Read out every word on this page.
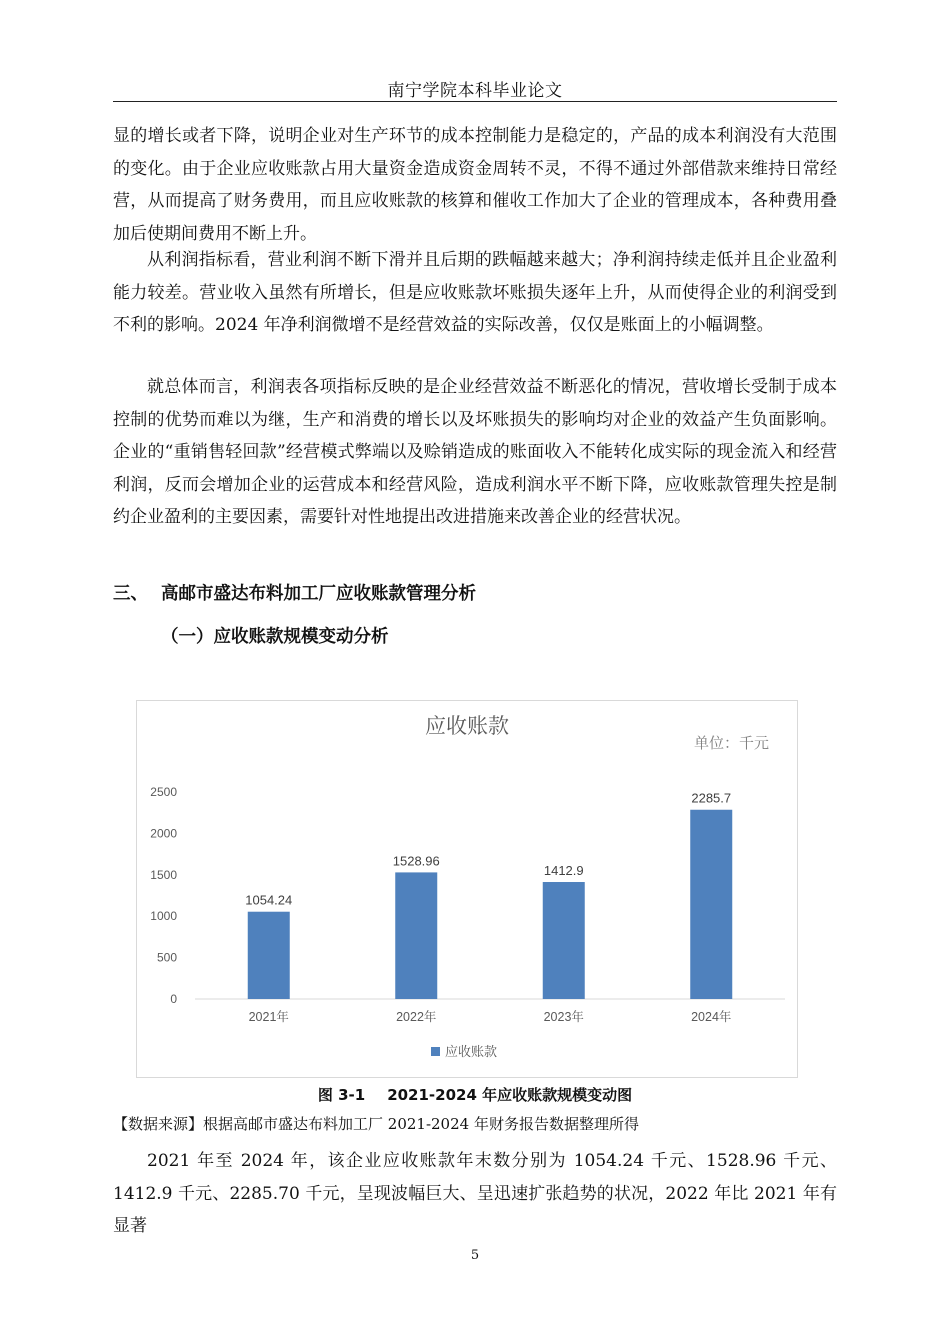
南宁学院本科毕业论文

显的增长或者下降，说明企业对生产环节的成本控制能力是稳定的，产品的成本利润没有大范围的变化。由于企业应收账款占用大量资金造成资金周转不灵，不得不通过外部借款来维持日常经营，从而提高了财务费用，而且应收账款的核算和催收工作加大了企业的管理成本，各种费用叠加后使期间费用不断上升。

从利润指标看，营业利润不断下滑并且后期的跌幅越来越大；净利润持续走低并且企业盈利能力较差。营业收入虽然有所增长，但是应收账款坏账损失逐年上升，从而使得企业的利润受到不利的影响。2024 年净利润微增不是经营效益的实际改善，仅仅是账面上的小幅调整。

就总体而言，利润表各项指标反映的是企业经营效益不断恶化的情况，营收增长受制于成本控制的优势而难以为继，生产和消费的增长以及坏账损失的影响均对企业的效益产生负面影响。企业的“重销售轻回款”经营模式弊端以及赊销造成的账面收入不能转化成实际的现金流入和经营利润，反而会增加企业的运营成本和经营风险，造成利润水平不断下降，应收账款管理失控是制约企业盈利的主要因素，需要针对性地提出改进措施来改善企业的经营状况。

三、 高邮市盛达布料加工厂应收账款管理分析
（一）应收账款规模变动分析
应收账款
单位：千元
0
500
1000
1500
2000
2500
1054.24
2021年
1528.96
2022年
1412.9
2023年
2285.7
2024年
应收账款
图 3-1 2021-2024 年应收账款规模变动图
【数据来源】根据高邮市盛达布料加工厂 2021-2024 年财务报告数据整理所得

2021 年至 2024 年，该企业应收账款年末数分别为 1054.24 千元、1528.96 千元、1412.9 千元、2285.70 千元，呈现波幅巨大、呈迅速扩张趋势的状况，2022 年比 2021 年有显著

5
